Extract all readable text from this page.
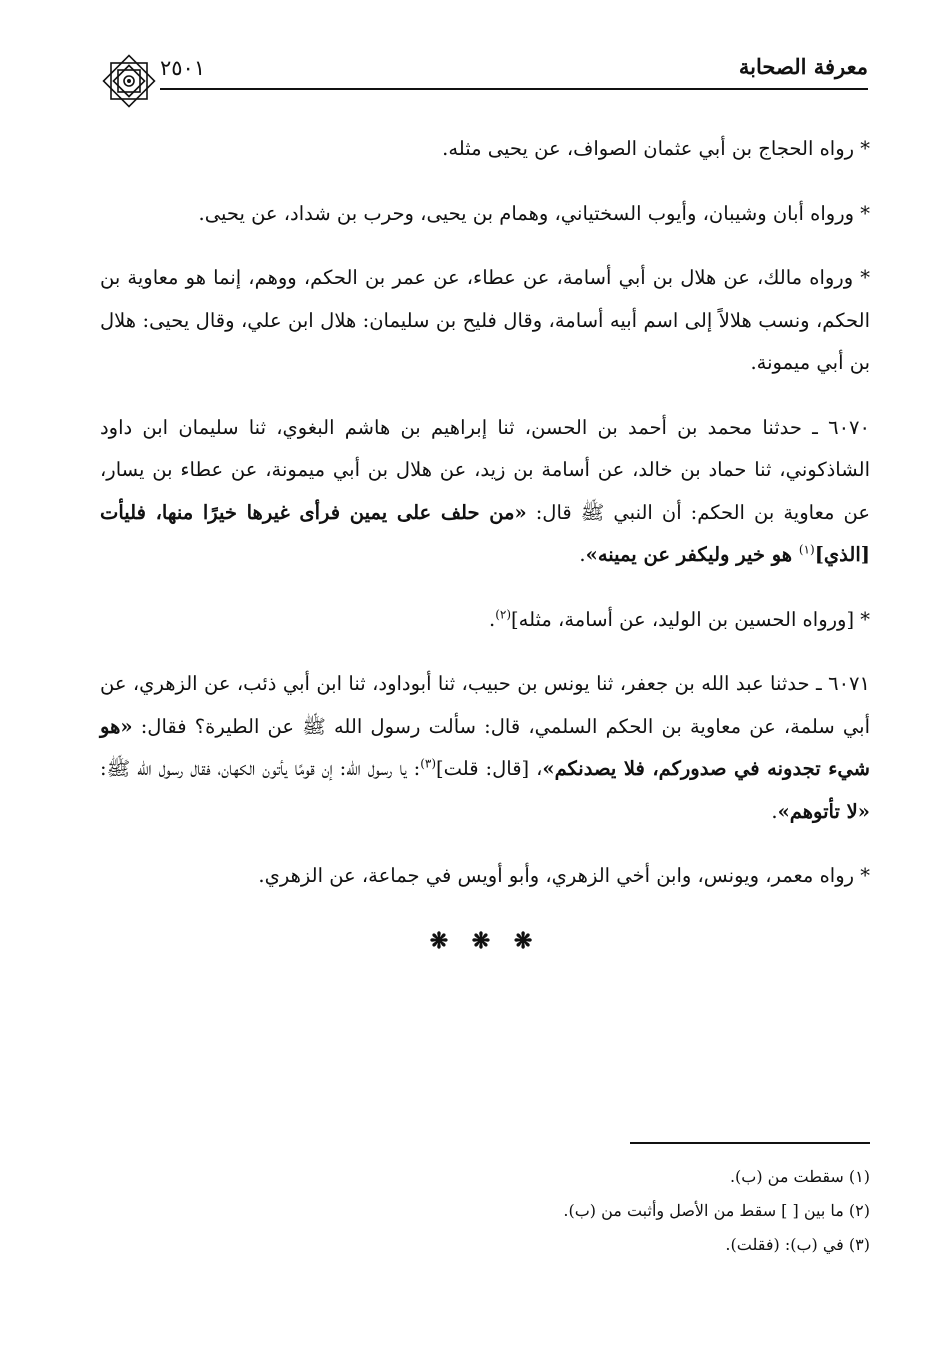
معرفة الصحابة
٢٥٠١

* رواه الحجاج بن أبي عثمان الصواف، عن يحيى مثله.

* ورواه أبان وشيبان، وأيوب السختياني، وهمام بن يحيى، وحرب بن شداد، عن يحيى.

* ورواه مالك، عن هلال بن أبي أسامة، عن عطاء، عن عمر بن الحكم، ووهم، إنما هو معاوية بن الحكم، ونسب هلالاً إلى اسم أبيه أسامة، وقال فليح بن سليمان: هلال ابن علي، وقال يحيى: هلال بن أبي ميمونة.

٦٠٧٠ ـ حدثنا محمد بن أحمد بن الحسن، ثنا إبراهيم بن هاشم البغوي، ثنا سليمان ابن داود الشاذكوني، ثنا حماد بن خالد، عن أسامة بن زيد، عن هلال بن أبي ميمونة، عن عطاء بن يسار، عن معاوية بن الحكم: أن النبي ﷺ قال: «من حلف على يمين فرأى غيرها خيرًا منها، فليأت [الذي]$^{(١)}$ هو خير وليكفر عن يمينه».

* [ورواه الحسين بن الوليد، عن أسامة، مثله]$^{(٢)}$.

٦٠٧١ ـ حدثنا عبد الله بن جعفر، ثنا يونس بن حبيب، ثنا أبوداود، ثنا ابن أبي ذئب، عن الزهري، عن أبي سلمة، عن معاوية بن الحكم السلمي، قال: سألت رسول الله ﷺ عن الطيرة؟ فقال: «هو شيء تجدونه في صدوركم، فلا يصدنكم»، [قال: قلت]$^{(٣)}$: يا رسول الله: إن قومًا يأتون الكهان، فقال رسول الله ﷺ: «لا تأتوهم».

* رواه معمر، ويونس، وابن أخي الزهري، وأبو أويس في جماعة، عن الزهري.

❋ ❋ ❋
(١) سقطت من (ب).
(٢) ما بين [ ] سقط من الأصل وأثبت من (ب).
(٣) في (ب): (فقلت).
